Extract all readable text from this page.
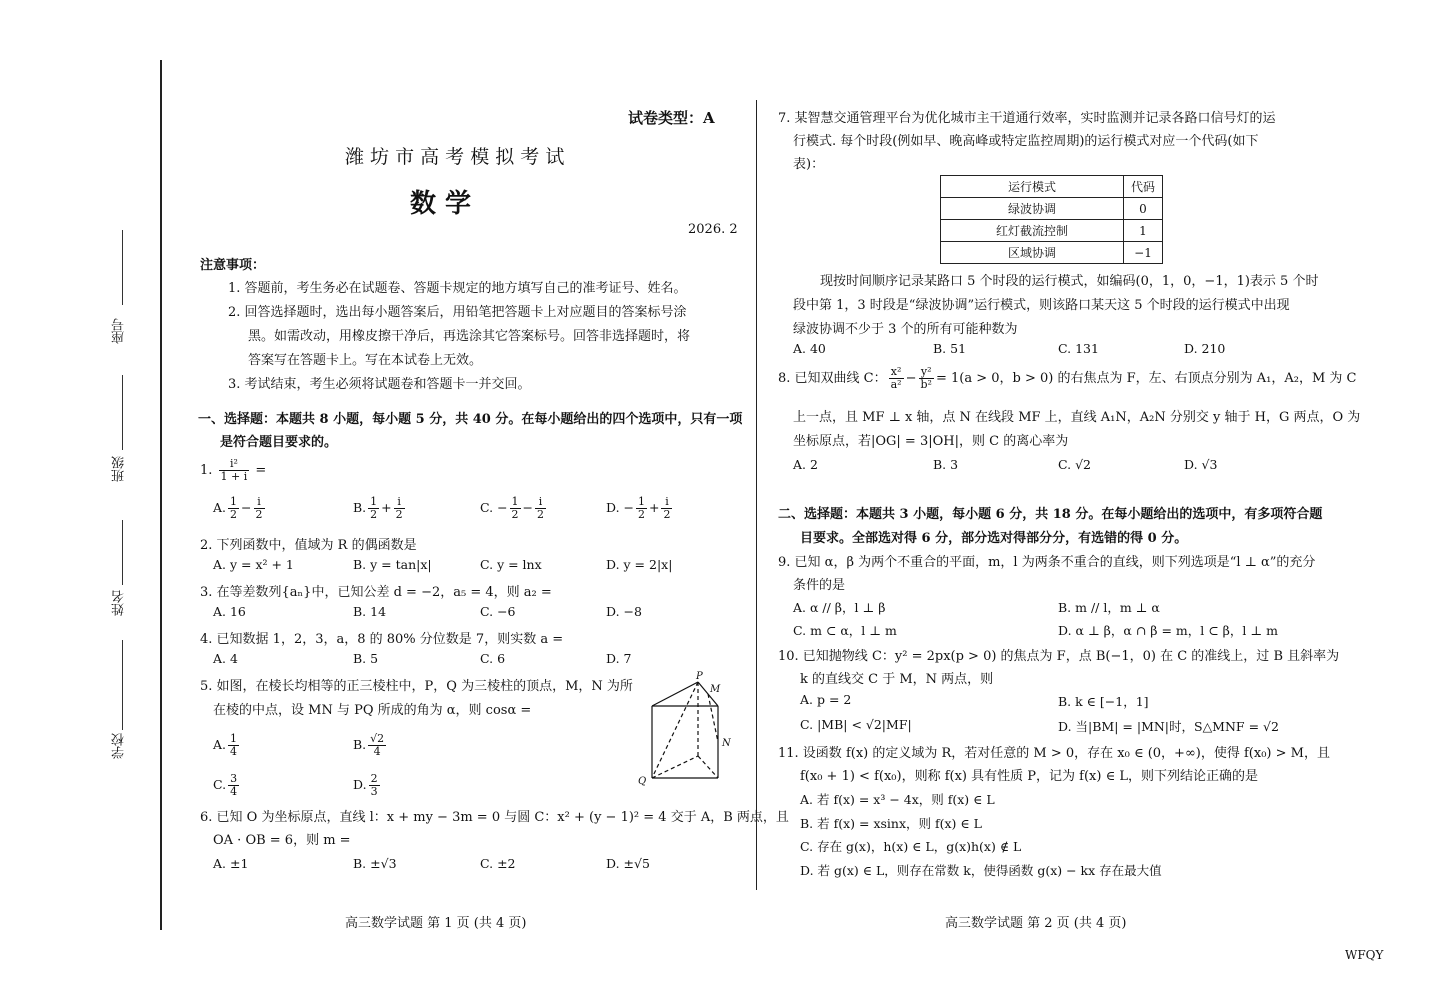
座号
班级
姓名
学校
试卷类型：A
潍 坊 市 高 考 模 拟 考 试
数 学
2026. 2
注意事项：
1. 答题前，考生务必在试题卷、答题卡规定的地方填写自己的准考证号、姓名。
2. 回答选择题时，选出每小题答案后，用铅笔把答题卡上对应题目的答案标号涂
黑。如需改动，用橡皮擦干净后，再选涂其它答案标号。回答非选择题时，将
答案写在答题卡上。写在本试卷上无效。
3. 考试结束，考生必须将试题卷和答题卡一并交回。
一、选择题：本题共 8 小题，每小题 5 分，共 40 分。在每小题给出的四个选项中，只有一项
是符合题目要求的。
1. $\frac{\text{i²}}{1 + i}$ =
A. $\frac{1}{2} - \frac{i}{2}$	B. $\frac{1}{2} + \frac{i}{2}$	C. − $\frac{1}{2} - \frac{i}{2}$	D. − $\frac{1}{2} + \frac{i}{2}$
2. 下列函数中，值域为 R 的偶函数是
A. y = x² + 1	B. y = tan|x|	C. y = lnx	D. y = 2|x|
3. 在等差数列{aₙ}中，已知公差 d = −2，a₅ = 4，则 a₂ =
A. 16	B. 14	C. −6	D. −8
4. 已知数据 1，2，3，a，8 的 80% 分位数是 7，则实数 a =
A. 4	B. 5	C. 6	D. 7
5. 如图，在棱长均相等的正三棱柱中，P，Q 为三棱柱的顶点，M，N 为所
在棱的中点，设 MN 与 PQ 所成的角为 α，则 cosα =
A. $\frac{1}{4}$	B. $\frac{√2}{4}$
C. $\frac{3}{4}$	D. $\frac{2}{3}$
P
M
N
Q
6. 已知 O 为坐标原点，直线 l：x + my − 3m = 0 与圆 C：x² + (y − 1)² = 4 交于 A，B 两点，且
OA · OB = 6，则 m =
A. ±1	B. ±√3	C. ±2	D. ±√5
高三数学试题 第 1 页 (共 4 页)
7. 某智慧交通管理平台为优化城市主干道通行效率，实时监测并记录各路口信号灯的运
行模式. 每个时段(例如早、晚高峰或特定监控周期)的运行模式对应一个代码(如下
表)：
运行模式	代码
绿波协调	0
红灯截流控制	1
区域协调	−1
现按时间顺序记录某路口 5 个时段的运行模式，如编码(0，1，0，−1，1)表示 5 个时
段中第 1，3 时段是“绿波协调”运行模式，则该路口某天这 5 个时段的运行模式中出现
绿波协调不少于 3 个的所有可能种数为
A. 40	B. 51	C. 131	D. 210
8. 已知双曲线 C： $\frac{\text{x²}}{\text{a²}} - \frac{\text{y²}}{\text{b²}} = 1(a > 0$，b > 0) 的右焦点为 F，左、右顶点分别为 A₁，A₂，M 为 C
上一点，且 MF ⊥ x 轴，点 N 在线段 MF 上，直线 A₁N，A₂N 分别交 y 轴于 H，G 两点，O 为
坐标原点，若|OG| = 3|OH|，则 C 的离心率为
A. 2	B. 3	C. √2	D. √3
二、选择题：本题共 3 小题，每小题 6 分，共 18 分。在每小题给出的选项中，有多项符合题
目要求。全部选对得 6 分，部分选对得部分分，有选错的得 0 分。
9. 已知 α，β 为两个不重合的平面，m，l 为两条不重合的直线，则下列选项是“l ⊥ α”的充分
条件的是
A. α // β，l ⊥ β	B. m // l，m ⊥ α
C. m ⊂ α，l ⊥ m	D. α ⊥ β，α ∩ β = m，l ⊂ β，l ⊥ m
10. 已知抛物线 C：y² = 2px(p > 0) 的焦点为 F，点 B(−1，0) 在 C 的准线上，过 B 且斜率为
k 的直线交 C 于 M，N 两点，则
A. p = 2	B. k ∈ [−1，1]
C. |MB| < √2|MF|	D. 当|BM| = |MN|时，S△MNF = √2
11. 设函数 f(x) 的定义域为 R，若对任意的 M > 0，存在 x₀ ∈ (0，+∞)，使得 f(x₀) > M，且
f(x₀ + 1) < f(x₀)，则称 f(x) 具有性质 P，记为 f(x) ∈ L，则下列结论正确的是
A. 若 f(x) = x³ − 4x，则 f(x) ∈ L
B. 若 f(x) = xsinx，则 f(x) ∈ L
C. 存在 g(x)，h(x) ∈ L，g(x)h(x) ∉ L
D. 若 g(x) ∈ L，则存在常数 k，使得函数 g(x) − kx 存在最大值
高三数学试题 第 2 页 (共 4 页)
WFQY
